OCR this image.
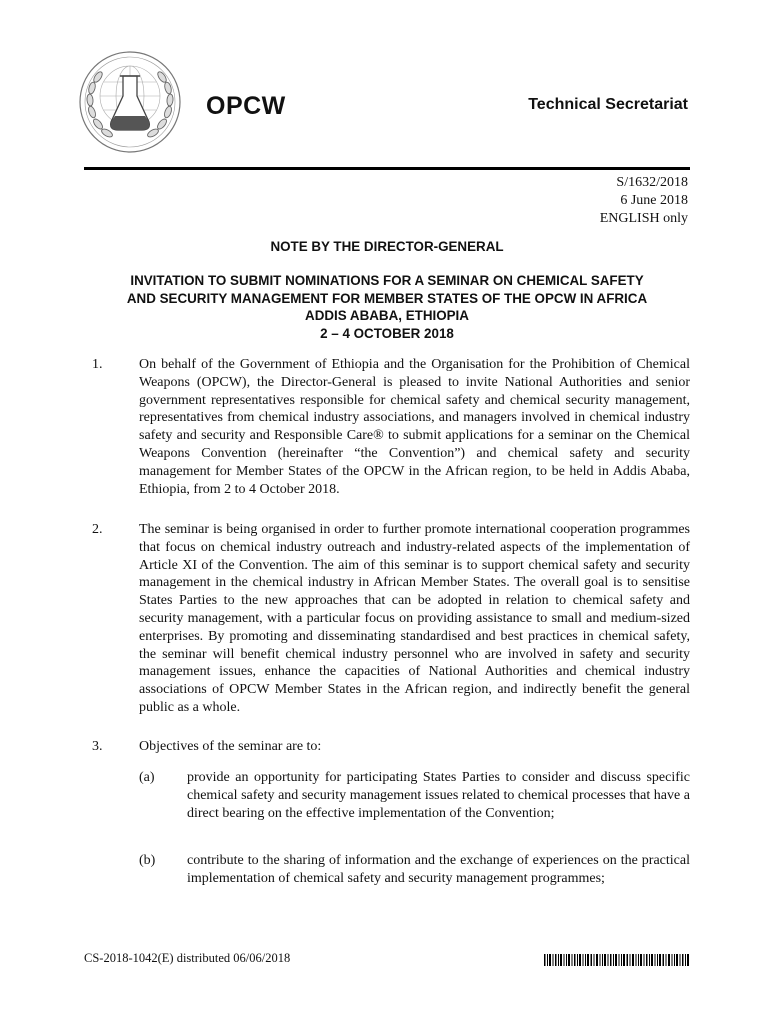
OPCW	Technical Secretariat
S/1632/2018
6 June 2018
ENGLISH only
NOTE BY THE DIRECTOR-GENERAL
INVITATION TO SUBMIT NOMINATIONS FOR A SEMINAR ON CHEMICAL SAFETY
AND SECURITY MANAGEMENT FOR MEMBER STATES OF THE OPCW IN AFRICA
ADDIS ABABA, ETHIOPIA
2 – 4 OCTOBER 2018
1.	On behalf of the Government of Ethiopia and the Organisation for the Prohibition of Chemical Weapons (OPCW), the Director-General is pleased to invite National Authorities and senior government representatives responsible for chemical safety and chemical security management, representatives from chemical industry associations, and managers involved in chemical industry safety and security and Responsible Care® to submit applications for a seminar on the Chemical Weapons Convention (hereinafter “the Convention”) and chemical safety and security management for Member States of the OPCW in the African region, to be held in Addis Ababa, Ethiopia, from 2 to 4 October 2018.
2.	The seminar is being organised in order to further promote international cooperation programmes that focus on chemical industry outreach and industry-related aspects of the implementation of Article XI of the Convention. The aim of this seminar is to support chemical safety and security management in the chemical industry in African Member States. The overall goal is to sensitise States Parties to the new approaches that can be adopted in relation to chemical safety and security management, with a particular focus on providing assistance to small and medium-sized enterprises. By promoting and disseminating standardised and best practices in chemical safety, the seminar will benefit chemical industry personnel who are involved in safety and security management issues, enhance the capacities of National Authorities and chemical industry associations of OPCW Member States in the African region, and indirectly benefit the general public as a whole.
3.	Objectives of the seminar are to:
(a) provide an opportunity for participating States Parties to consider and discuss specific chemical safety and security management issues related to chemical processes that have a direct bearing on the effective implementation of the Convention;
(b) contribute to the sharing of information and the exchange of experiences on the practical implementation of chemical safety and security management programmes;
CS-2018-1042(E) distributed 06/06/2018
